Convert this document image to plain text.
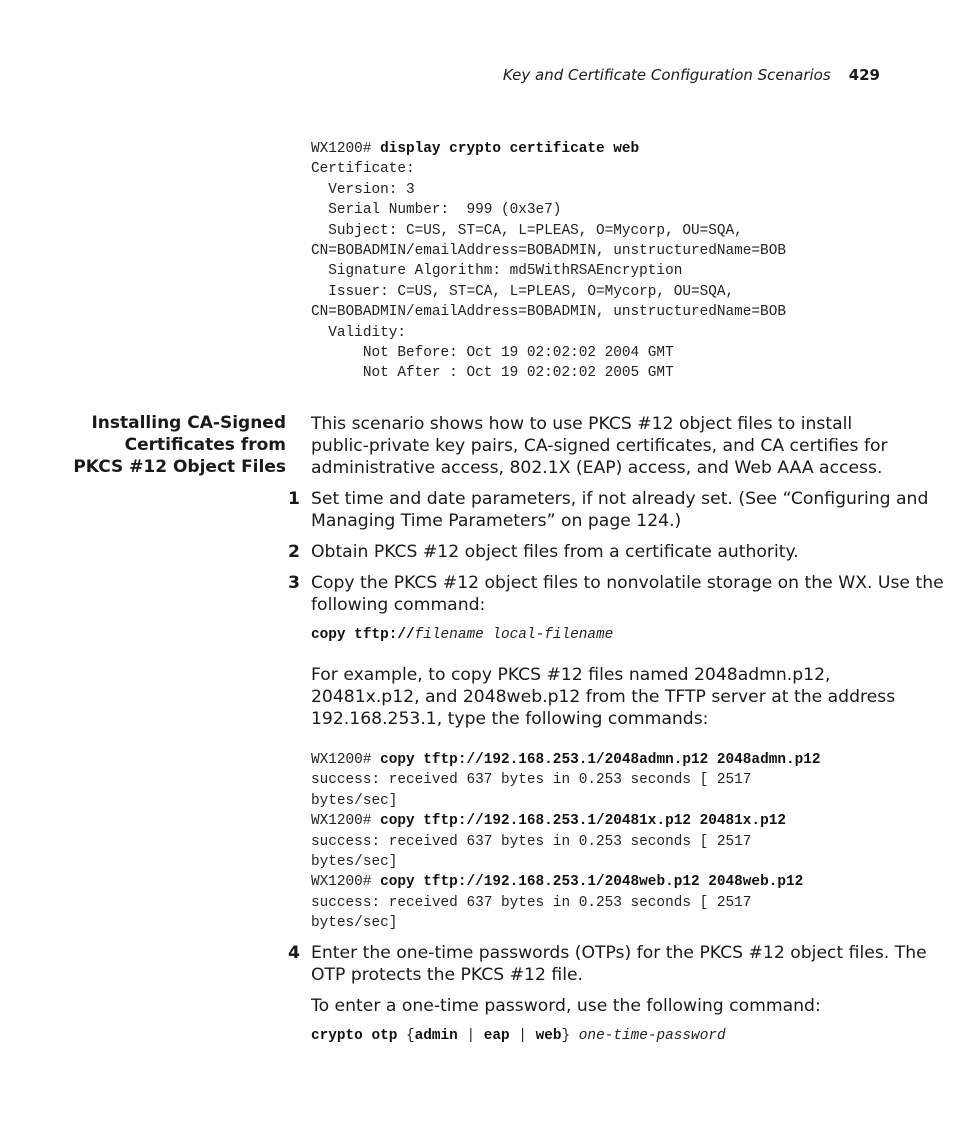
Key and Certificate Configuration Scenarios 429
WX1200# display crypto certificate web
Certificate:
Version: 3
Serial Number:  999 (0x3e7)
Subject: C=US, ST=CA, L=PLEAS, O=Mycorp, OU=SQA,
CN=BOBADMIN/emailAddress=BOBADMIN, unstructuredName=BOB
Signature Algorithm: md5WithRSAEncryption
Issuer: C=US, ST=CA, L=PLEAS, O=Mycorp, OU=SQA,
CN=BOBADMIN/emailAddress=BOBADMIN, unstructuredName=BOB
Validity:
Not Before: Oct 19 02:02:02 2004 GMT
Not After : Oct 19 02:02:02 2005 GMT
Installing CA-Signed
Certificates from
PKCS #12 Object Files
This scenario shows how to use PKCS #12 object files to install
public-private key pairs, CA-signed certificates, and CA certifies for
administrative access, 802.1X (EAP) access, and Web AAA access.
1 Set time and date parameters, if not already set. (See “Configuring and
Managing Time Parameters” on page 124.)
2 Obtain PKCS #12 object files from a certificate authority.
3 Copy the PKCS #12 object files to nonvolatile storage on the WX. Use the
following command:
copy tftp://filename local-filename
For example, to copy PKCS #12 files named 2048admn.p12,
20481x.p12, and 2048web.p12 from the TFTP server at the address
192.168.253.1, type the following commands:
WX1200# copy tftp://192.168.253.1/2048admn.p12 2048admn.p12
success: received 637 bytes in 0.253 seconds [ 2517
bytes/sec]
WX1200# copy tftp://192.168.253.1/20481x.p12 20481x.p12
success: received 637 bytes in 0.253 seconds [ 2517
bytes/sec]
WX1200# copy tftp://192.168.253.1/2048web.p12 2048web.p12
success: received 637 bytes in 0.253 seconds [ 2517
bytes/sec]
4 Enter the one-time passwords (OTPs) for the PKCS #12 object files. The
OTP protects the PKCS #12 file.
To enter a one-time password, use the following command:
crypto otp {admin | eap | web} one-time-password
